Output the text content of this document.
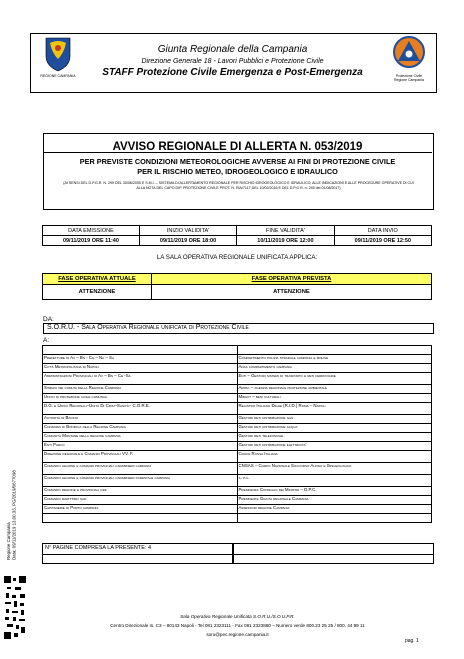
REGIONE CAMPANIA
Giunta Regionale della Campania
Direzione Generale 18 - Lavori Pubblici e Protezione Civile
STAFF Protezione Civile Emergenza e Post-Emergenza	Protezione Civile Regione Campania
AVVISO REGIONALE DI ALLERTA N. 053/2019
PER PREVISTE CONDIZIONI METEOROLOGICHE AVVERSE AI FINI DI PROTEZIONE CIVILE
PER IL RISCHIO METEO, IDROGEOLOGICO E IDRAULICO
(AI SENSI DEL D.P.G.R. N. 299 DEL 30/06/2005 E S.M.I. – SISTEMA DI ALLERTAMENTO REGIONALE PER RISCHIO IDROGEOLOGICO E IDRAULICO; ALLE INDICAZIONI E ALLE PROCEDURE OPERATIVE DI CUI
ALLA NOTA DEL CAPO DIP. PROTEZIONE CIVILE PROT. N. RIA/7117 DEL 10/02/2016 E DEL D.P.G.R. n. 245 del 01/08/2017)
DATA EMISSIONE	INIZIO VALIDITA'	FINE VALIDITA'	DATA INVIO
09/11/2019 ORE 11:40	09/11/2019 ORE 18:00	10/11/2019 ORE 12:00	09/11/2019 ORE 12:50
LA SALA OPERATIVA REGIONALE UNIFICATA APPLICA:
FASE OPERATIVA ATTUALE	FASE OPERATIVA PREVISTA
ATTENZIONE	ATTENZIONE
DA:
S.O.R.U. - Sala Operativa Regionale unificata di Protezione Civile
A:

Prefetture di Av – Bn - Ce – Na – Sa	Compartimento polizia stradale campania e molise
Città Metropolitana di Napoli	Anas compartimento campania
Amministrazioni Provinciali di Av – Bn – Ce -Sa	Enti – Gestori sistemi di trasporto e reti ferroviarie
Sindaci dei comuni della Regione Campania	Arpac – agenzia regionale protezione ambientale
Uffici di protezione civile comunali	Mibact – beni culturali
D.G. e Uffici Regionali–Unità Di Crisi–Sanità– C.O.R.E.	Registro Italiano Dighe (R.I.D.) Roma – Napoli
Autorità di Bacino	Gestori reti distribuzione gas
Consorzi di Bonifica della Regione Campania	Gestori reti distribuzione acqua
Comunità Montane della regione campania	Gestori reti telefoniche
Enti Parco	Gestori reti distribuzione elettricita'
Direzione regionale e Comandi Provinciali VV. F.	Croce Rossa Italiana
Comando legione e comandi provinciali carabinieri campania	CNSAS – Corpo Nazionale Soccorso Alpino e Speleologico
Comando legione e comandi provinciali carabinieri forestale campania	s. p.c.
Comando regione e provinciali gdf	Presidenza Consiglio dei Ministri – D.P.C.
Comando marittimo sud	Presidente Giunta regionale Campania
Capitanerie di Porto campania	Assessori regione Campania

N° PAGINE COMPRESA LA PRESENTE: 4
Sala Operativa Regionale Unificata S.O.R.U./S.O.U.P.R.
Centro Direzionale Is. C3 – 80143 Napoli - Tel 081 2323111 - Fax 081 2323860 – Numero verde 800.23 25 25 / 800. 44 99 11
soru@pec.regione.campania.it
pag. 1
Regione Campania Data: 09/11/2019 13.00.33, PG/2019/0677098
